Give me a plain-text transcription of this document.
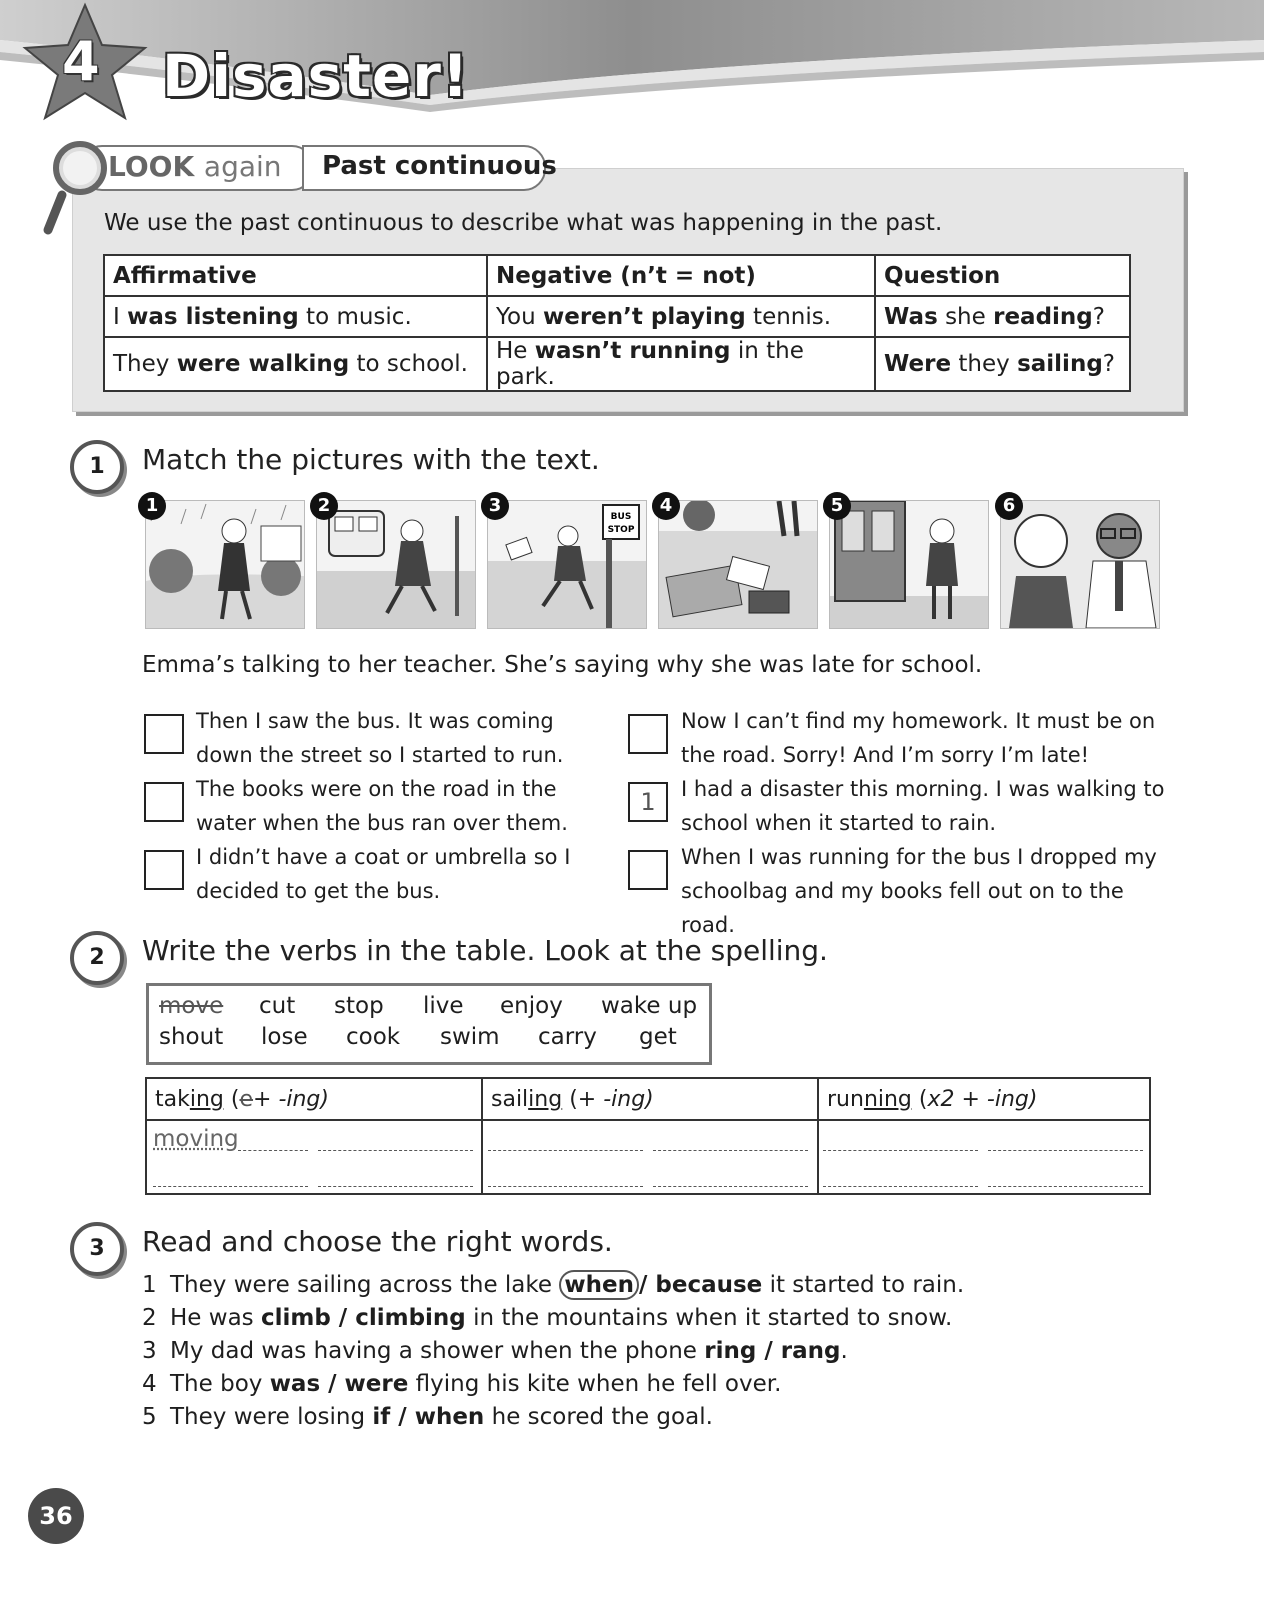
4 Disaster!
LOOK again Past continuous
We use the past continuous to describe what was happening in the past.
Affirmative	Negative (n’t = not)	Question
I was listening to music.	You weren’t playing tennis.	Was she reading?
They were walking to school.	He wasn’t running in the park.	Were they sailing?
1	Match the pictures with the text.
BUS
STOP
1	2	3	4	5	6
Emma’s talking to her teacher. She’s saying why she was late for school.
Then I saw the bus. It was coming down the street so I started to run.
The books were on the road in the water when the bus ran over them.
I didn’t have a coat or umbrella so I decided to get the bus.
Now I can’t find my homework. It must be on the road. Sorry! And I’m sorry I’m late!
1	I had a disaster this morning. I was walking to school when it started to rain.
When I was running for the bus I dropped my schoolbag and my books fell out on to the road.
2	Write the verbs in the table. Look at the spelling.
move cut stop live enjoy wake up
shout lose cook swim carry get
taking (e+ -ing)	sailing (+ -ing)	running (x2 + -ing)

moving
3	Read and choose the right words.
1 They were sailing across the lake when / because it started to rain.
2 He was climb / climbing in the mountains when it started to snow.
3 My dad was having a shower when the phone ring / rang.
4 The boy was / were flying his kite when he fell over.
5 They were losing if / when he scored the goal.
36
